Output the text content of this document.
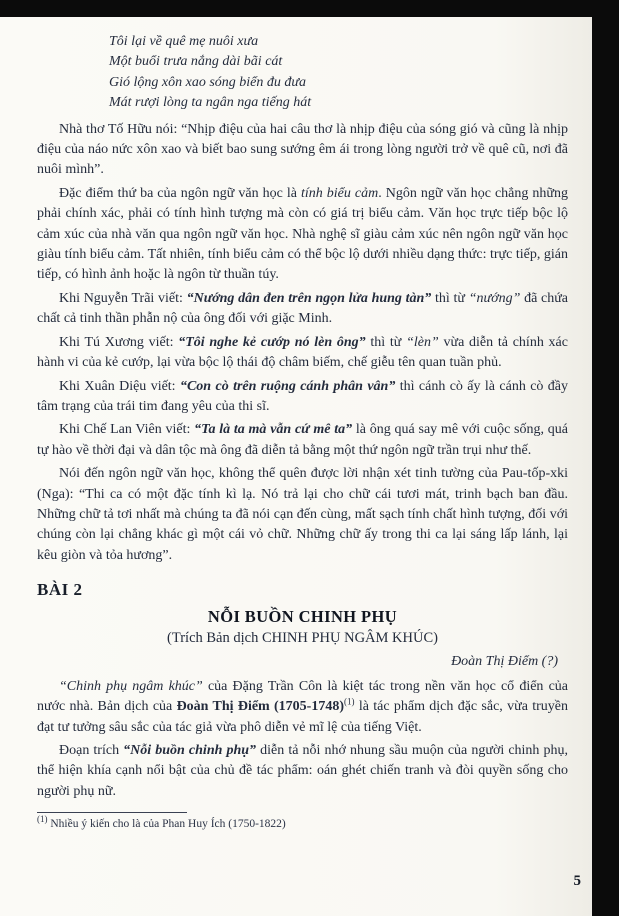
Tôi lại về quê mẹ nuôi xưa
Một buổi trưa nắng dài bãi cát
Gió lộng xôn xao sóng biển đu đưa
Mát rượi lòng ta ngân nga tiếng hát

Nhà thơ Tố Hữu nói: “Nhịp điệu của hai câu thơ là nhịp điệu của sóng gió và cũng là nhịp điệu của náo nức xôn xao và biết bao sung sướng êm ái trong lòng người trở về quê cũ, nơi đã nuôi mình”.

Đặc điểm thứ ba của ngôn ngữ văn học là tính biểu cảm. Ngôn ngữ văn học chẳng những phải chính xác, phải có tính hình tượng mà còn có giá trị biểu cảm. Văn học trực tiếp bộc lộ cảm xúc của nhà văn qua ngôn ngữ văn học. Nhà nghệ sĩ giàu cảm xúc nên ngôn ngữ văn học giàu tính biểu cảm. Tất nhiên, tính biểu cảm có thể bộc lộ dưới nhiều dạng thức: trực tiếp, gián tiếp, có hình ảnh hoặc là ngôn từ thuần túy.

Khi Nguyễn Trãi viết: “Nướng dân đen trên ngọn lửa hung tàn” thì từ “nướng” đã chứa chất cả tinh thần phẫn nộ của ông đối với giặc Minh.

Khi Tú Xương viết: “Tôi nghe kẻ cướp nó lèn ông” thì từ “lèn” vừa diễn tả chính xác hành vi của kẻ cướp, lại vừa bộc lộ thái độ châm biếm, chế giễu tên quan tuần phủ.

Khi Xuân Diệu viết: “Con cò trên ruộng cánh phân vân” thì cánh cò ấy là cánh cò đầy tâm trạng của trái tim đang yêu của thi sĩ.

Khi Chế Lan Viên viết: “Ta là ta mà vẫn cứ mê ta” là ông quá say mê với cuộc sống, quá tự hào về thời đại và dân tộc mà ông đã diễn tả bằng một thứ ngôn ngữ trần trụi như thế.

Nói đến ngôn ngữ văn học, không thể quên được lời nhận xét tinh tường của Pau-tốp-xki (Nga): “Thi ca có một đặc tính kì lạ. Nó trả lại cho chữ cái tươi mát, trinh bạch ban đầu. Những chữ tả tơi nhất mà chúng ta đã nói cạn đến cùng, mất sạch tính chất hình tượng, đối với chúng còn lại chẳng khác gì một cái vỏ chữ. Những chữ ấy trong thi ca lại sáng lấp lánh, lại kêu giòn và tỏa hương”.

BÀI 2
NỖI BUỒN CHINH PHỤ
(Trích Bản dịch CHINH PHỤ NGÂM KHÚC)
Đoàn Thị Điểm (?)

“Chinh phụ ngâm khúc” của Đặng Trần Côn là kiệt tác trong nền văn học cổ điển của nước nhà. Bản dịch của Đoàn Thị Điểm (1705-1748)$^{(1)}$ là tác phẩm dịch đặc sắc, vừa truyền đạt tư tưởng sâu sắc của tác giả vừa phô diễn vẻ mĩ lệ của tiếng Việt.

Đoạn trích “Nỗi buồn chinh phụ” diễn tả nỗi nhớ nhung sầu muộn của người chinh phụ, thể hiện khía cạnh nổi bật của chủ đề tác phẩm: oán ghét chiến tranh và đòi quyền sống cho người phụ nữ.

$^{(1)}$ Nhiều ý kiến cho là của Phan Huy Ích (1750-1822)
5
